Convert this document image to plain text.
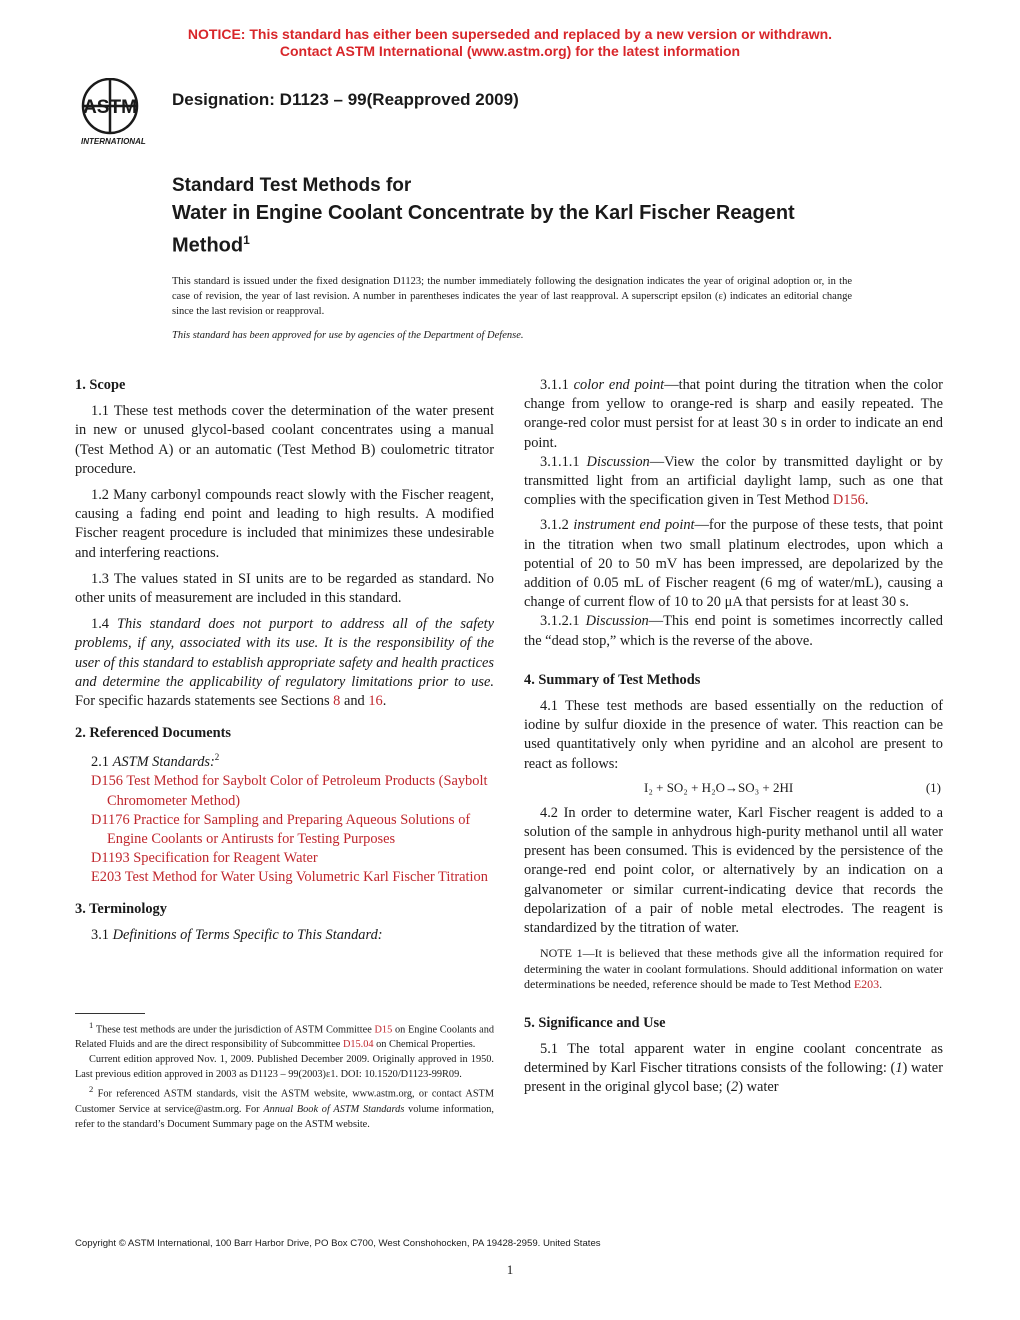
NOTICE: This standard has either been superseded and replaced by a new version or withdrawn.
Contact ASTM International (www.astm.org) for the latest information
ASTM
INTERNATIONAL
Designation: D1123 – 99(Reapproved 2009)
Standard Test Methods for
Water in Engine Coolant Concentrate by the Karl Fischer Reagent Method$^1$
This standard is issued under the fixed designation D1123; the number immediately following the designation indicates the year of original adoption or, in the case of revision, the year of last revision. A number in parentheses indicates the year of last reapproval. A superscript epsilon (ε) indicates an editorial change since the last revision or reapproval.
This standard has been approved for use by agencies of the Department of Defense.

1. Scope

1.1 These test methods cover the determination of the water present in new or unused glycol-based coolant concentrates using a manual (Test Method A) or an automatic (Test Method B) coulometric titrator procedure.

1.2 Many carbonyl compounds react slowly with the Fischer reagent, causing a fading end point and leading to high results. A modified Fischer reagent procedure is included that minimizes these undesirable and interfering reactions.

1.3 The values stated in SI units are to be regarded as standard. No other units of measurement are included in this standard.

1.4 This standard does not purport to address all of the safety problems, if any, associated with its use. It is the responsibility of the user of this standard to establish appropriate safety and health practices and determine the applicability of regulatory limitations prior to use. For specific hazards statements see Sections 8 and 16.

2. Referenced Documents

2.1 ASTM Standards:$^2$

D156 Test Method for Saybolt Color of Petroleum Products (Saybolt Chromometer Method)

D1176 Practice for Sampling and Preparing Aqueous Solutions of Engine Coolants or Antirusts for Testing Purposes

D1193 Specification for Reagent Water

E203 Test Method for Water Using Volumetric Karl Fischer Titration

3. Terminology

3.1 Definitions of Terms Specific to This Standard:

$^1$ These test methods are under the jurisdiction of ASTM Committee D15 on Engine Coolants and Related Fluids and are the direct responsibility of Subcommittee D15.04 on Chemical Properties.

Current edition approved Nov. 1, 2009. Published December 2009. Originally approved in 1950. Last previous edition approved in 2003 as D1123 – 99(2003)ε1. DOI: 10.1520/D1123-99R09.

$^2$ For referenced ASTM standards, visit the ASTM website, www.astm.org, or contact ASTM Customer Service at service@astm.org. For Annual Book of ASTM Standards volume information, refer to the standard’s Document Summary page on the ASTM website.

3.1.1 color end point—that point during the titration when the color change from yellow to orange-red is sharp and easily repeated. The orange-red color must persist for at least 30 s in order to indicate an end point.

3.1.1.1 Discussion—View the color by transmitted daylight or by transmitted light from an artificial daylight lamp, such as one that complies with the specification given in Test Method D156.

3.1.2 instrument end point—for the purpose of these tests, that point in the titration when two small platinum electrodes, upon which a potential of 20 to 50 mV has been impressed, are depolarized by the addition of 0.05 mL of Fischer reagent (6 mg of water/mL), causing a change of current flow of 10 to 20 μA that persists for at least 30 s.

3.1.2.1 Discussion—This end point is sometimes incorrectly called the “dead stop,” which is the reverse of the above.

4. Summary of Test Methods

4.1 These test methods are based essentially on the reduction of iodine by sulfur dioxide in the presence of water. This reaction can be used quantitatively only when pyridine and an alcohol are present to react as follows:

I₂ + SO₂ + H₂O→SO₃ + 2HI	(1)

4.2 In order to determine water, Karl Fischer reagent is added to a solution of the sample in anhydrous high-purity methanol until all water present has been consumed. This is evidenced by the persistence of the orange-red end point color, or alternatively by an indication on a galvanometer or similar current-indicating device that records the depolarization of a pair of noble metal electrodes. The reagent is standardized by the titration of water.

NOTE 1—It is believed that these methods give all the information required for determining the water in coolant formulations. Should additional information on water determinations be needed, reference should be made to Test Method E203.

5. Significance and Use

5.1 The total apparent water in engine coolant concentrate as determined by Karl Fischer titrations consists of the following: (1) water present in the original glycol base; (2) water

Copyright © ASTM International, 100 Barr Harbor Drive, PO Box C700, West Conshohocken, PA 19428-2959. United States
1
